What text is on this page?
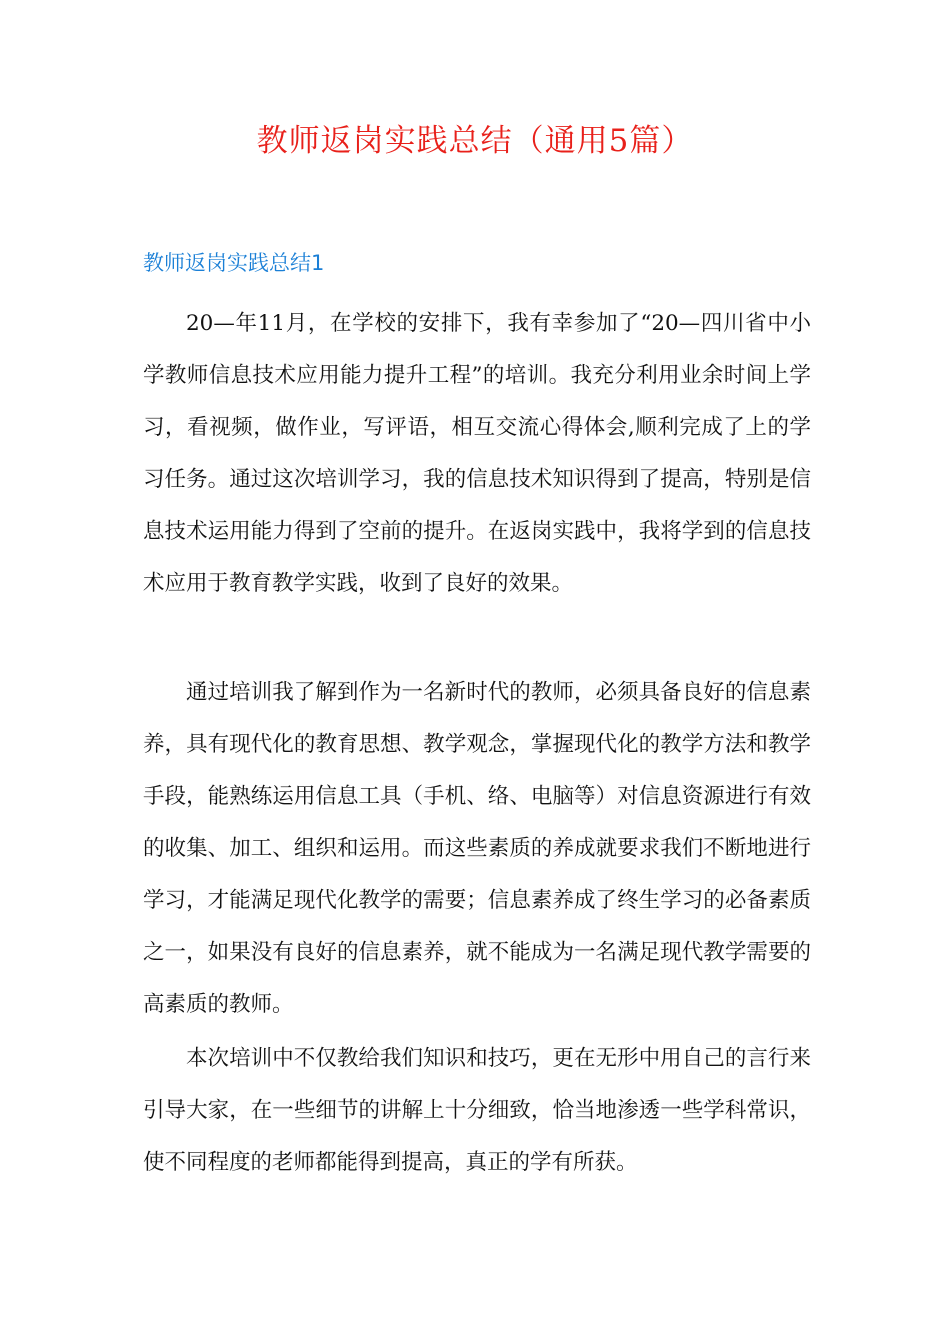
教师返岗实践总结（通用5篇）
教师返岗实践总结1

20—年11月，在学校的安排下，我有幸参加了“20—四川省中小学教师信息技术应用能力提升工程”的培训。我充分利用业余时间上学习，看视频，做作业，写评语，相互交流心得体会,顺利完成了上的学习任务。通过这次培训学习，我的信息技术知识得到了提高，特别是信息技术运用能力得到了空前的提升。在返岗实践中，我将学到的信息技术应用于教育教学实践，收到了良好的效果。

通过培训我了解到作为一名新时代的教师，必须具备良好的信息素养，具有现代化的教育思想、教学观念，掌握现代化的教学方法和教学手段，能熟练运用信息工具（手机、络、电脑等）对信息资源进行有效的收集、加工、组织和运用。而这些素质的养成就要求我们不断地进行学习，才能满足现代化教学的需要；信息素养成了终生学习的必备素质之一，如果没有良好的信息素养，就不能成为一名满足现代教学需要的高素质的教师。

本次培训中不仅教给我们知识和技巧，更在无形中用自己的言行来引导大家，在一些细节的讲解上十分细致，恰当地渗透一些学科常识，使不同程度的老师都能得到提高，真正的学有所获。
